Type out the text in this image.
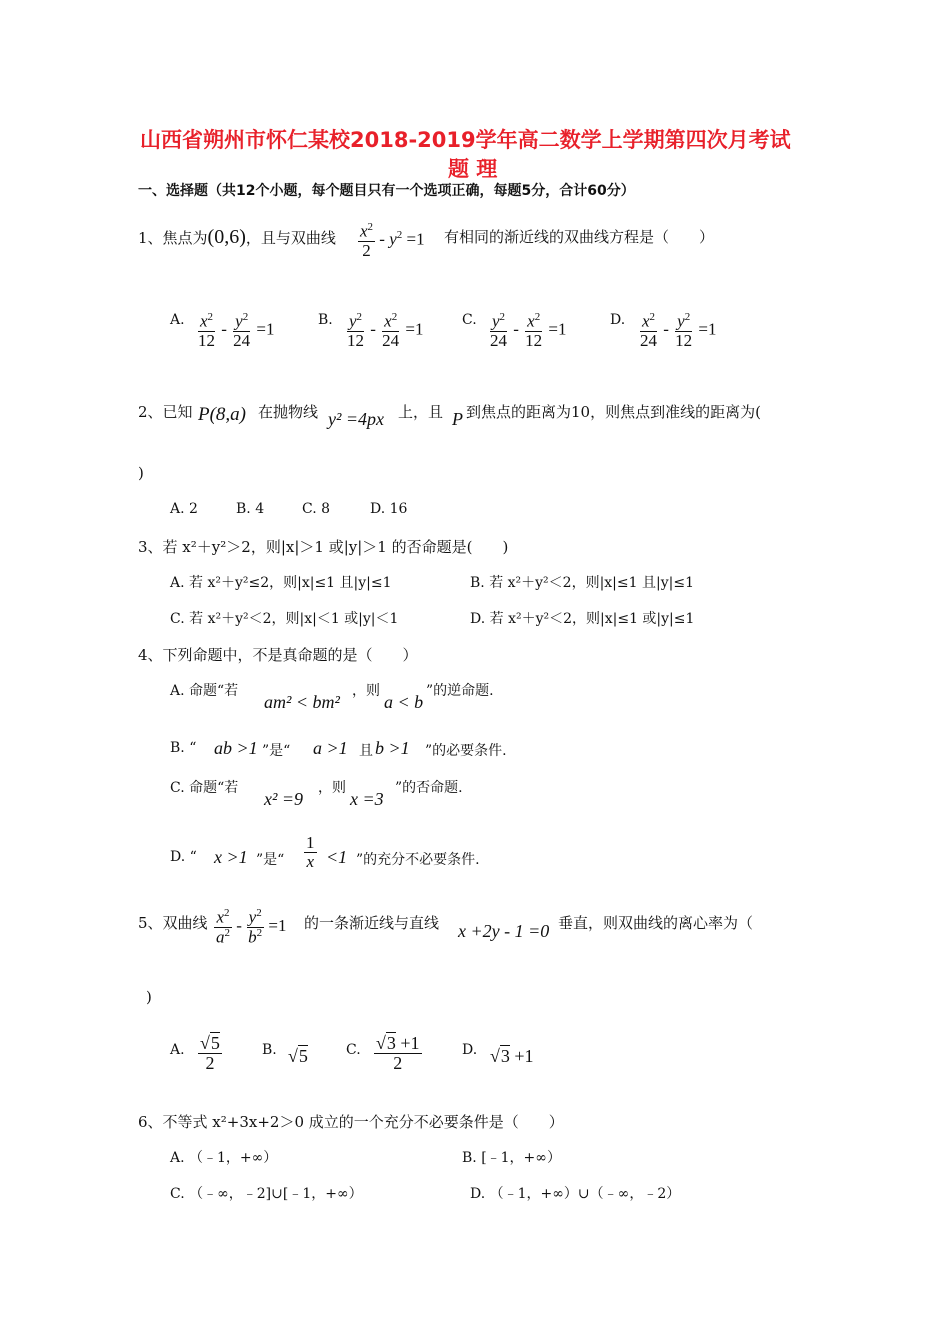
山西省朔州市怀仁某校2018-2019学年高二数学上学期第四次月考试
题 理
一、选择题（共12个小题，每个题目只有一个选项正确，每题5分，合计60分）
1、焦点为(0,6)，且与双曲线 $\frac{x^2}{2} - y^2 =1$ 有相同的渐近线的双曲线方程是（　　）
A. $\frac{x^2}{12} - \frac{y^2}{24} =1$	B. $\frac{y^2}{12} - \frac{x^2}{24} =1$	C. $\frac{y^2}{24} - \frac{x^2}{12} =1$	D. $\frac{x^2}{24} - \frac{y^2}{12} =1$
2、已知 P(8,a) 在抛物线 y² =4px 上，且 P 到焦点的距离为10，则焦点到准线的距离为(
)
A. 2	B. 4	C. 8	D. 16
3、若 x²＋y²＞2，则|x|＞1 或|y|＞1 的否命题是(　　)
A. 若 x²＋y²≤2，则|x|≤1 且|y|≤1	B. 若 x²＋y²＜2，则|x|≤1 且|y|≤1
C. 若 x²＋y²＜2，则|x|＜1 或|y|＜1	D. 若 x²＋y²＜2，则|x|≤1 或|y|≤1
4、下列命题中，不是真命题的是（　　）
A. 命题“若
am² < bm²
，则
a < b
”的逆命题.
B. “ ab >1 ”是“ a >1 且 b >1 ”的必要条件.
C. 命题“若
x² =9
，则
x =3
”的否命题.
D. “ x >1 ”是“ $\frac{1}{x} <1$ ”的充分不必要条件.
5、双曲线 $\frac{x^2}{a^2} - \frac{y^2}{b^2} =1$ 的一条渐近线与直线 x +2y - 1 =0 垂直，则双曲线的离心率为（
)
A. $\frac{√5}{2}$	B. √5	C. $\frac{√3 +1}{2}$	D. √3 +1
6、不等式 x²+3x+2＞0 成立的一个充分不必要条件是（　　）
A. （﹣1，+∞）	B. [﹣1，+∞）
C. （﹣∞，﹣2]∪[﹣1，+∞）	D. （﹣1，+∞）∪（﹣∞，﹣2）
